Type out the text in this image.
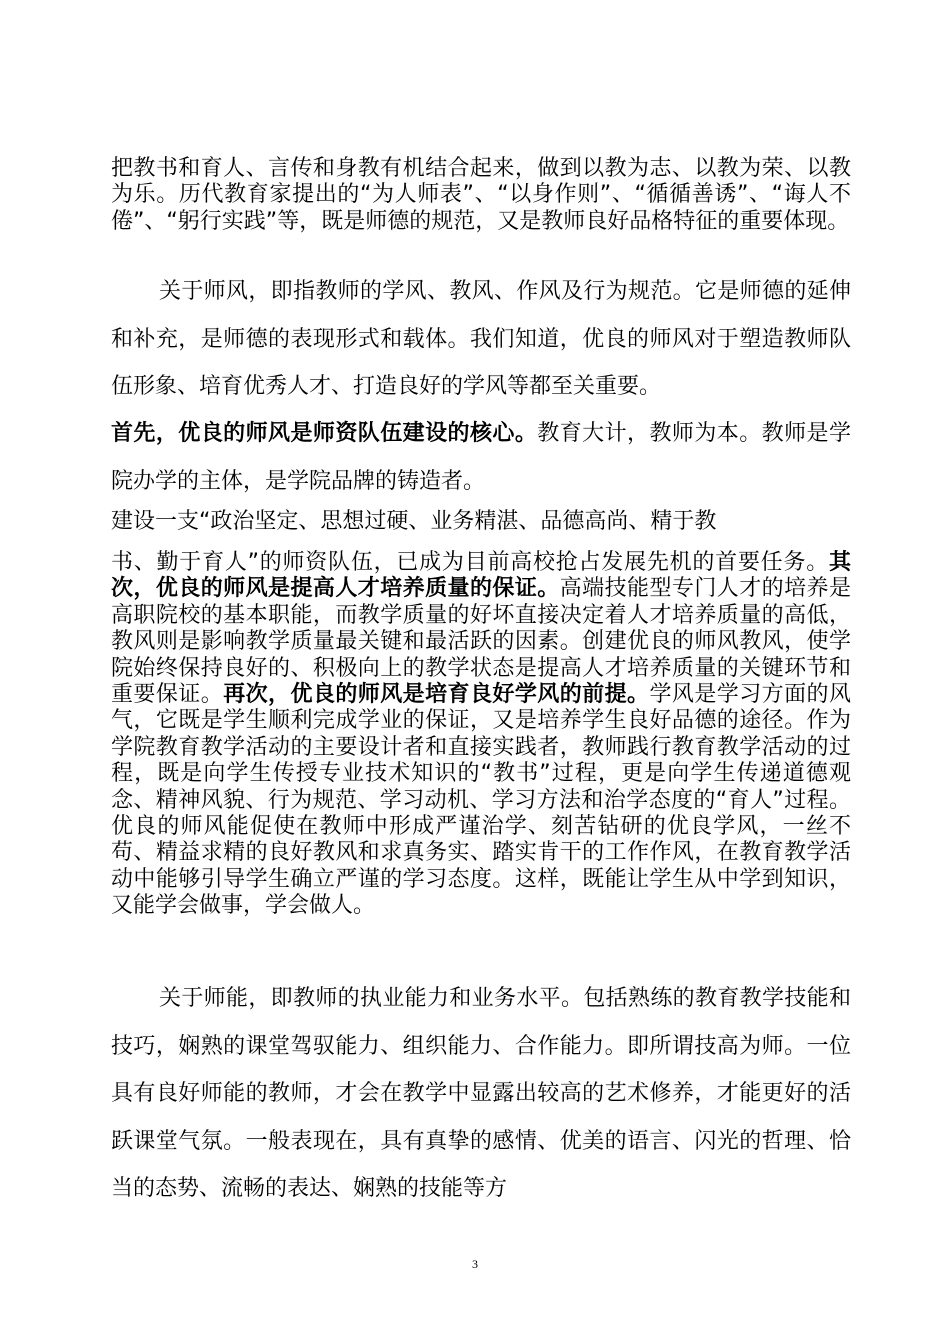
把教书和育人、言传和身教有机结合起来，做到以教为志、以教为荣、以教为乐。历代教育家提出的“为人师表”、“以身作则”、“循循善诱”、“诲人不倦”、“躬行实践”等，既是师德的规范，又是教师良好品格特征的重要体现。

关于师风，即指教师的学风、教风、作风及行为规范。它是师德的延伸和补充，是师德的表现形式和载体。我们知道，优良的师风对于塑造教师队伍形象、培育优秀人才、打造良好的学风等都至关重要。

首先，优良的师风是师资队伍建设的核心。教育大计，教师为本。教师是学院办学的主体，是学院品牌的铸造者。

建设一支“政治坚定、思想过硬、业务精湛、品德高尚、精于教

书、勤于育人”的师资队伍，已成为目前高校抢占发展先机的首要任务。其次，优良的师风是提高人才培养质量的保证。高端技能型专门人才的培养是高职院校的基本职能，而教学质量的好坏直接决定着人才培养质量的高低，教风则是影响教学质量最关键和最活跃的因素。创建优良的师风教风，使学院始终保持良好的、积极向上的教学状态是提高人才培养质量的关键环节和重要保证。再次，优良的师风是培育良好学风的前提。学风是学习方面的风气，它既是学生顺利完成学业的保证，又是培养学生良好品德的途径。作为学院教育教学活动的主要设计者和直接实践者，教师践行教育教学活动的过程，既是向学生传授专业技术知识的“教书”过程，更是向学生传递道德观念、精神风貌、行为规范、学习动机、学习方法和治学态度的“育人”过程。优良的师风能促使在教师中形成严谨治学、刻苦钻研的优良学风，一丝不苟、精益求精的良好教风和求真务实、踏实肯干的工作作风，在教育教学活动中能够引导学生确立严谨的学习态度。这样，既能让学生从中学到知识，又能学会做事，学会做人。

关于师能，即教师的执业能力和业务水平。包括熟练的教育教学技能和技巧，娴熟的课堂驾驭能力、组织能力、合作能力。即所谓技高为师。一位具有良好师能的教师，才会在教学中显露出较高的艺术修养，才能更好的活跃课堂气氛。一般表现在，具有真挚的感情、优美的语言、闪光的哲理、恰当的态势、流畅的表达、娴熟的技能等方

3
